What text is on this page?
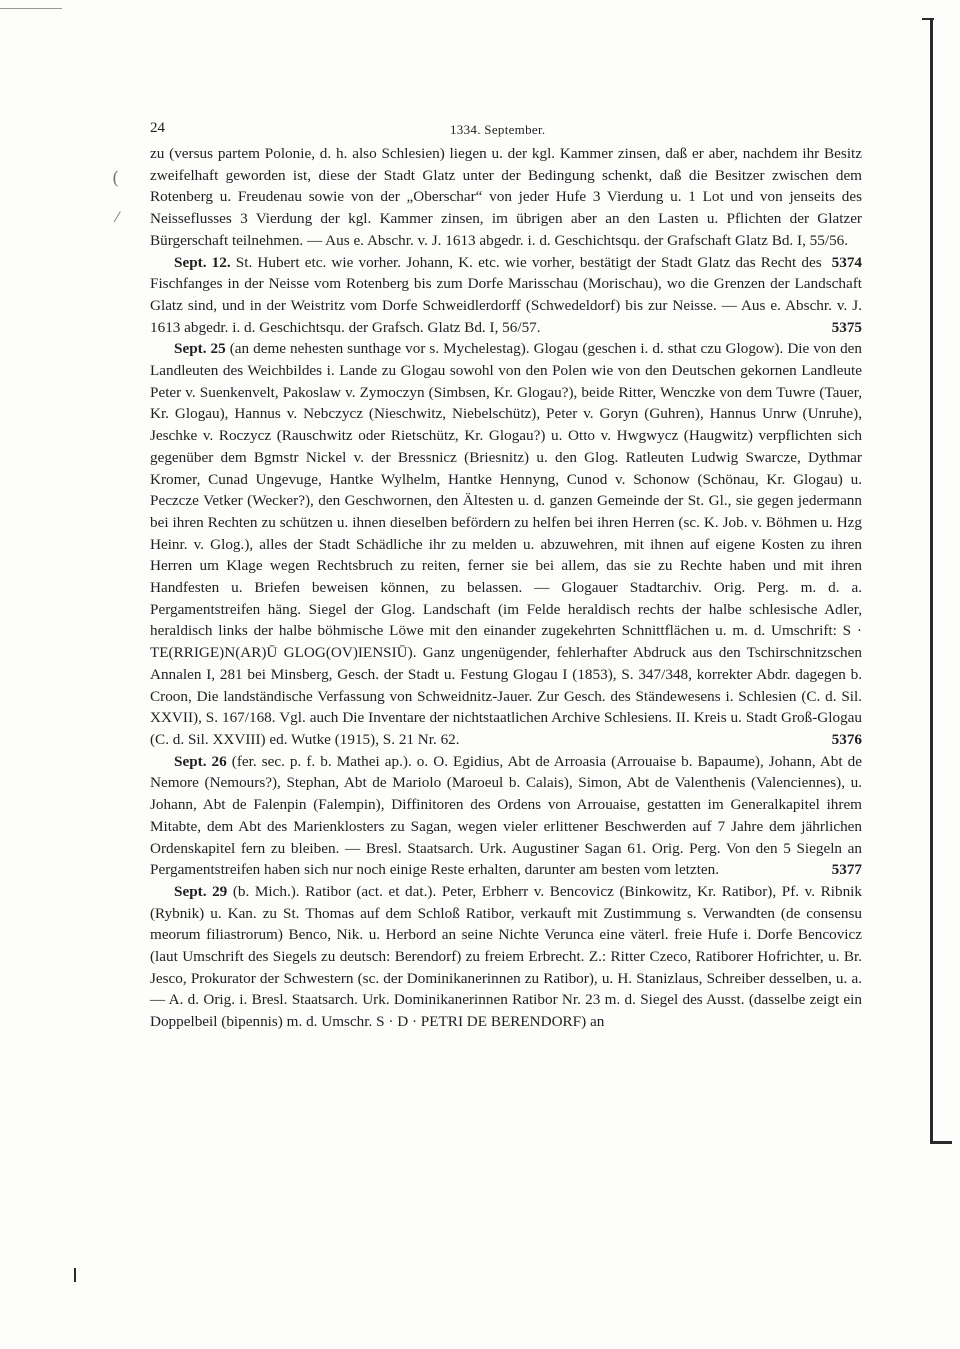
(
⁄
24	1334. September.

zu (versus partem Polonie, d. h. also Schlesien) liegen u. der kgl. Kammer zinsen, daß er aber, nachdem ihr Besitz zweifelhaft geworden ist, diese der Stadt Glatz unter der Bedingung schenkt, daß die Besitzer zwischen dem Rotenberg u. Freudenau sowie von der „Oberschar“ von jeder Hufe 3 Vierdung u. 1 Lot und von jenseits des Neisseflusses 3 Vierdung der kgl. Kammer zinsen, im übrigen aber an den Lasten u. Pflichten der Glatzer Bürgerschaft teilnehmen. — Aus e. Abschr. v. J. 1613 abgedr. i. d. Geschichtsqu. der Grafschaft Glatz Bd. I, 55/56.
5374

Sept. 12. St. Hubert etc. wie vorher. Johann, K. etc. wie vorher, bestätigt der Stadt Glatz das Recht des Fischfanges in der Neisse vom Rotenberg bis zum Dorfe Marisschau (Morischau), wo die Grenzen der Landschaft Glatz sind, und in der Weistritz vom Dorfe Schweidlerdorff (Schwedeldorf) bis zur Neisse. — Aus e. Abschr. v. J. 1613 abgedr. i. d. Geschichtsqu. der Grafsch. Glatz Bd. I, 56/57.	5375

Sept. 25 (an deme nehesten sunthage vor s. Mychelestag). Glogau (geschen i. d. sthat czu Glogow). Die von den Landleuten des Weichbildes i. Lande zu Glogau sowohl von den Polen wie von den Deutschen gekornen Landleute Peter v. Suenkenvelt, Pakoslaw v. Zymoczyn (Simbsen, Kr. Glogau?), beide Ritter, Wenczke von dem Tuwre (Tauer, Kr. Glogau), Hannus v. Nebczycz (Nieschwitz, Niebelschütz), Peter v. Goryn (Guhren), Hannus Unrw (Unruhe), Jeschke v. Roczycz (Rauschwitz oder Rietschütz, Kr. Glogau?) u. Otto v. Hwgwycz (Haugwitz) verpflichten sich gegenüber dem Bgmstr Nickel v. der Bressnicz (Briesnitz) u. den Glog. Ratleuten Ludwig Swarcze, Dythmar Kromer, Cunad Ungevuge, Hantke Wylhelm, Hantke Hennyng, Cunod v. Schonow (Schönau, Kr. Glogau) u. Peczcze Vetker (Wecker?), den Geschwornen, den Ältesten u. d. ganzen Gemeinde der St. Gl., sie gegen jedermann bei ihren Rechten zu schützen u. ihnen dieselben befördern zu helfen bei ihren Herren (sc. K. Job. v. Böhmen u. Hzg Heinr. v. Glog.), alles der Stadt Schädliche ihr zu melden u. abzuwehren, mit ihnen auf eigene Kosten zu ihren Herren um Klage wegen Rechtsbruch zu reiten, ferner sie bei allem, das sie zu Rechte haben und mit ihren Handfesten u. Briefen beweisen können, zu belassen. — Glogauer Stadtarchiv. Orig. Perg. m. d. a. Pergamentstreifen häng. Siegel der Glog. Landschaft (im Felde heraldisch rechts der halbe schlesische Adler, heraldisch links der halbe böhmische Löwe mit den einander zugekehrten Schnittflächen u. m. d. Umschrift: S · TE(RRIGE)N(AR)Ū GLOG(OV)IENSIŪ). Ganz ungenügender, fehlerhafter Abdruck aus den Tschirschnitzschen Annalen I, 281 bei Minsberg, Gesch. der Stadt u. Festung Glogau I (1853), S. 347/348, korrekter Abdr. dagegen b. Croon, Die landständische Verfassung von Schweidnitz-Jauer. Zur Gesch. des Ständewesens i. Schlesien (C. d. Sil. XXVII), S. 167/168. Vgl. auch Die Inventare der nichtstaatlichen Archive Schlesiens. II. Kreis u. Stadt Groß-Glogau (C. d. Sil. XXVIII) ed. Wutke (1915), S. 21 Nr. 62.	5376

Sept. 26 (fer. sec. p. f. b. Mathei ap.). o. O. Egidius, Abt de Arroasia (Arrouaise b. Bapaume), Johann, Abt de Nemore (Nemours?), Stephan, Abt de Mariolo (Maroeul b. Calais), Simon, Abt de Valenthenis (Valenciennes), u. Johann, Abt de Falenpin (Falempin), Diffinitoren des Ordens von Arrouaise, gestatten im Generalkapitel ihrem Mitabte, dem Abt des Marienklosters zu Sagan, wegen vieler erlittener Beschwerden auf 7 Jahre dem jährlichen Ordenskapitel fern zu bleiben. — Bresl. Staatsarch. Urk. Augustiner Sagan 61. Orig. Perg. Von den 5 Siegeln an Pergamentstreifen haben sich nur noch einige Reste erhalten, darunter am besten vom letzten.	5377

Sept. 29 (b. Mich.). Ratibor (act. et dat.). Peter, Erbherr v. Bencovicz (Binkowitz, Kr. Ratibor), Pf. v. Ribnik (Rybnik) u. Kan. zu St. Thomas auf dem Schloß Ratibor, verkauft mit Zustimmung s. Verwandten (de consensu meorum filiastrorum) Benco, Nik. u. Herbord an seine Nichte Veruncа eine väterl. freie Hufe i. Dorfe Bencovicz (laut Umschrift des Siegels zu deutsch: Berendorf) zu freiem Erbrecht. Z.: Ritter Czeco, Ratiborer Hofrichter, u. Br. Jesco, Prokurator der Schwestern (sc. der Dominikanerinnen zu Ratibor), u. H. Stanizlaus, Schreiber desselben, u. a. — A. d. Orig. i. Bresl. Staatsarch. Urk. Dominikanerinnen Ratibor Nr. 23 m. d. Siegel des Ausst. (dasselbe zeigt ein Doppelbeil (bipennis) m. d. Umschr. S · D · PETRI DE BERENDORF) an
